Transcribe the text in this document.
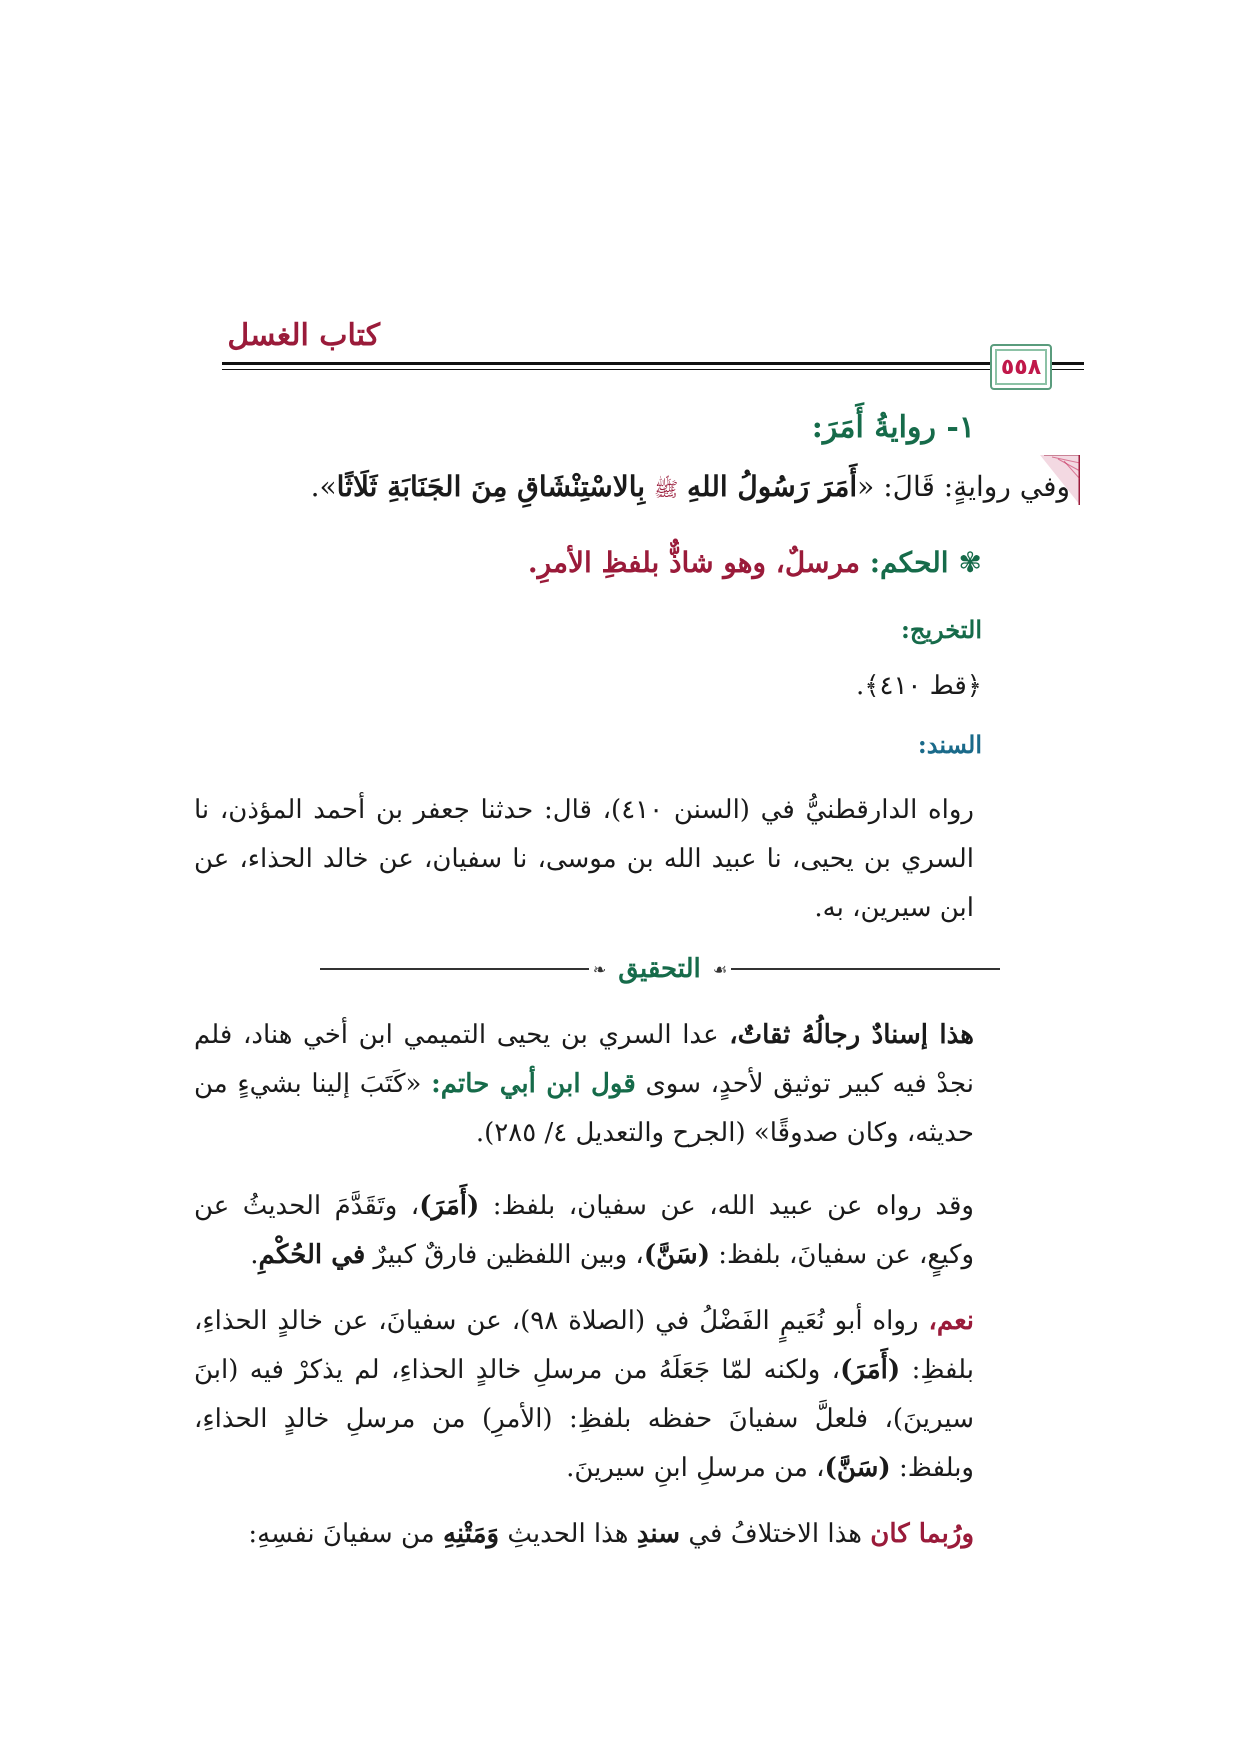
كتاب الغسل
٥٥٨
١- روايةُ أَمَرَ:
وفي روايةٍ: قَالَ: «أَمَرَ رَسُولُ اللهِ ﷺ بِالاسْتِنْشَاقِ مِنَ الجَنَابَةِ ثَلَاثًا».
✾الحكم: مرسلٌ، وهو شاذٌّ بلفظِ الأمرِ.
التخريج:
﴿قط ٤١٠﴾.
السند:
رواه الدارقطنيُّ في (السنن ٤١٠)، قال: حدثنا جعفر بن أحمد المؤذن، نا السري بن يحيى، نا عبيد الله بن موسى، نا سفيان، عن خالد الحذاء، عن ابن سيرين، به.
❧ التحقيق ☙
هذا إسنادٌ رجالُهُ ثقاتٌ، عدا السري بن يحيى التميمي ابن أخي هناد، فلم نجدْ فيه كبير توثيق لأحدٍ، سوى قول ابن أبي حاتم: «كَتَبَ إلينا بشيءٍ من حديثه، وكان صدوقًا» (الجرح والتعديل ٤/ ٢٨٥).
وقد رواه عن عبيد الله، عن سفيان، بلفظ: (أَمَرَ)، وتَقَدَّمَ الحديثُ عن وكيعٍ، عن سفيانَ، بلفظ: (سَنَّ)، وبين اللفظين فارقٌ كبيرٌ في الحُكْمِ.
نعم، رواه أبو نُعَيمٍ الفَضْلُ في (الصلاة ٩٨)، عن سفيانَ، عن خالدٍ الحذاءِ، بلفظِ: (أَمَرَ)، ولكنه لمّا جَعَلَهُ من مرسلِ خالدٍ الحذاءِ، لم يذكرْ فيه (ابنَ سيرينَ)، فلعلَّ سفيانَ حفظه بلفظِ: (الأمرِ) من مرسلِ خالدٍ الحذاءِ، وبلفظ: (سَنَّ)، من مرسلِ ابنِ سيرينَ.
ورُبما كان هذا الاختلافُ في سندِ هذا الحديثِ وَمَتْنِهِ من سفيانَ نفسِهِ:
